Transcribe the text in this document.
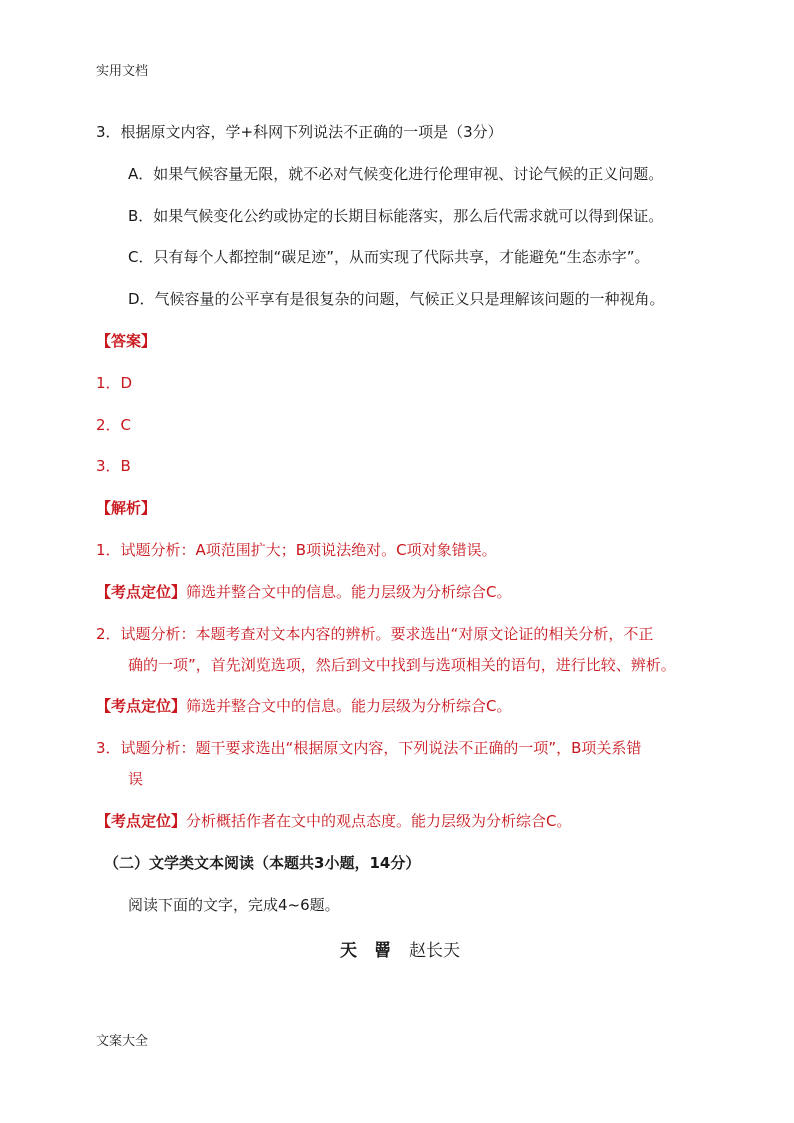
实用文档
3．根据原文内容，学+科网下列说法不正确的一项是（3分）
A．如果气候容量无限，就不必对气候变化进行伦理审视、讨论气候的正义问题。
B．如果气候变化公约或协定的长期目标能落实，那么后代需求就可以得到保证。
C．只有每个人都控制“碳足迹”，从而实现了代际共享，才能避免“生态赤字”。
D．气候容量的公平享有是很复杂的问题，气候正义只是理解该问题的一种视角。
【答案】
1．D
2．C
3．B
【解析】
1．试题分析：A项范围扩大；B项说法绝对。C项对象错误。
【考点定位】筛选并整合文中的信息。能力层级为分析综合C。
2．试题分析：本题考查对文本内容的辨析。要求选出“对原文论证的相关分析，不正
确的一项”，首先浏览选项，然后到文中找到与选项相关的语句，进行比较、辨析。
【考点定位】筛选并整合文中的信息。能力层级为分析综合C。
3．试题分析：题干要求选出“根据原文内容，下列说法不正确的一项”，B项关系错
误
【考点定位】分析概括作者在文中的观点态度。能力层级为分析综合C。
（二）文学类文本阅读（本题共3小题，14分）
阅读下面的文字，完成4~6题。
天　罾 赵长天
文案大全
